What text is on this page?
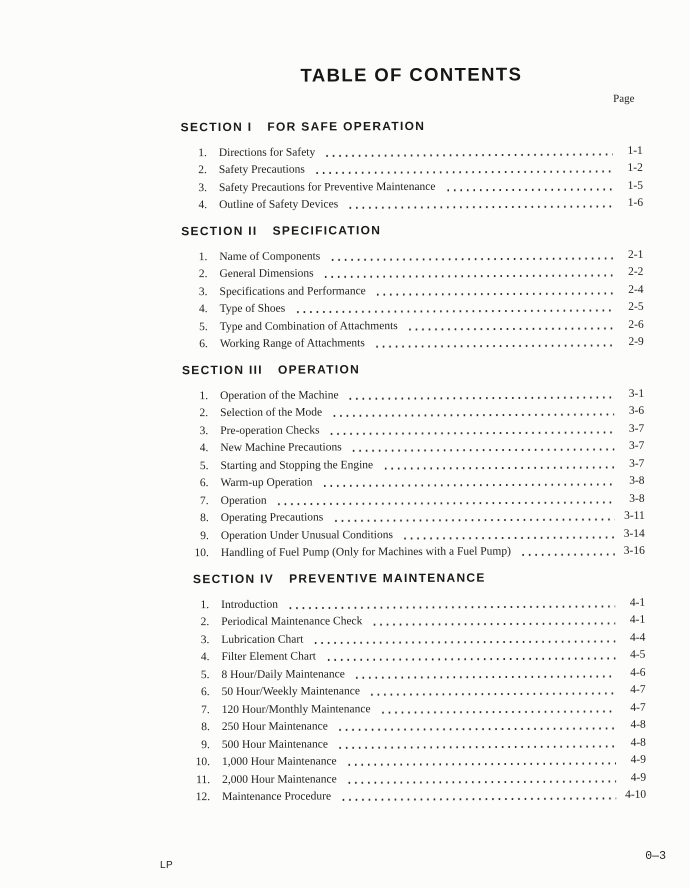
TABLE OF CONTENTS
Page
SECTION I FOR SAFE OPERATION
1. Directions for Safety	1-1
2. Safety Precautions	1-2
3. Safety Precautions for Preventive Maintenance	1-5
4. Outline of Safety Devices	1-6
SECTION II SPECIFICATION
1. Name of Components	2-1
2. General Dimensions	2-2
3. Specifications and Performance	2-4
4. Type of Shoes	2-5
5. Type and Combination of Attachments	2-6
6. Working Range of Attachments	2-9
SECTION III OPERATION
1. Operation of the Machine	3-1
2. Selection of the Mode	3-6
3. Pre-operation Checks	3-7
4. New Machine Precautions	3-7
5. Starting and Stopping the Engine	3-7
6. Warm-up Operation	3-8
7. Operation	3-8
8. Operating Precautions	3-11
9. Operation Under Unusual Conditions	3-14
10. Handling of Fuel Pump (Only for Machines with a Fuel Pump)	3-16
SECTION IV PREVENTIVE MAINTENANCE
1. Introduction	4-1
2. Periodical Maintenance Check	4-1
3. Lubrication Chart	4-4
4. Filter Element Chart	4-5
5. 8 Hour/Daily Maintenance	4-6
6. 50 Hour/Weekly Maintenance	4-7
7. 120 Hour/Monthly Maintenance	4-7
8. 250 Hour Maintenance	4-8
9. 500 Hour Maintenance	4-8
10. 1,000 Hour Maintenance	4-9
11. 2,000 Hour Maintenance	4-9
12. Maintenance Procedure	4-10
LP
0—3
